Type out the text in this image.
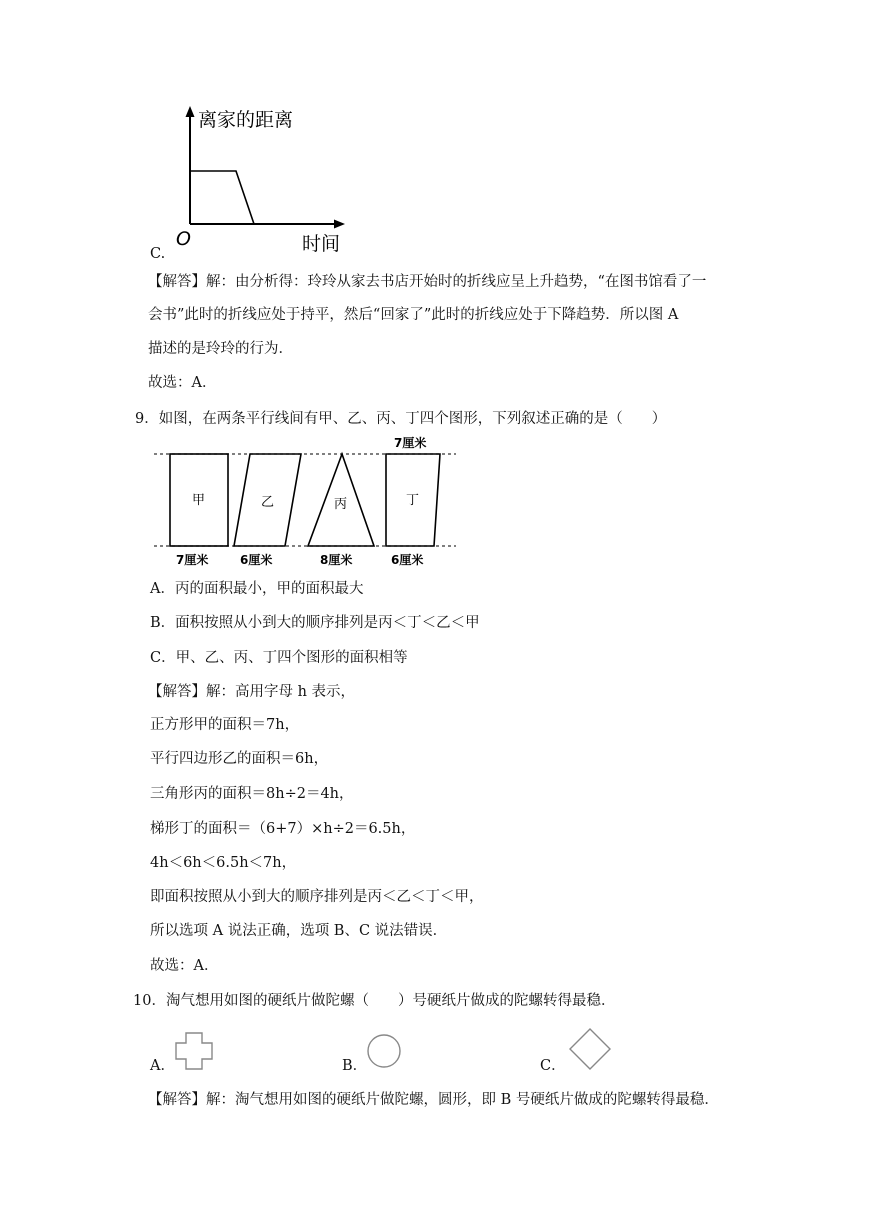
离家的距离
时间
O
C.
【解答】解：由分析得：玲玲从家去书店开始时的折线应呈上升趋势，“在图书馆看了一
会书”此时的折线应处于持平，然后“回家了”此时的折线应处于下降趋势．所以图 A
描述的是玲玲的行为．
故选：A．
9．如图，在两条平行线间有甲、乙、丙、丁四个图形，下列叙述正确的是（　　）
甲	乙	丙	丁
7厘米
7厘米	6厘米	8厘米	6厘米
A．丙的面积最小，甲的面积最大
B．面积按照从小到大的顺序排列是丙＜丁＜乙＜甲
C．甲、乙、丙、丁四个图形的面积相等
【解答】解：高用字母 h 表示，
正方形甲的面积＝7h，
平行四边形乙的面积＝6h，
三角形丙的面积＝8h÷2＝4h，
梯形丁的面积＝（6+7）×h÷2＝6.5h，
4h＜6h＜6.5h＜7h，
即面积按照从小到大的顺序排列是丙＜乙＜丁＜甲，
所以选项 A 说法正确，选项 B、C 说法错误．
故选：A．
10．淘气想用如图的硬纸片做陀螺（　　）号硬纸片做成的陀螺转得最稳．
A．	B．	C．
【解答】解：淘气想用如图的硬纸片做陀螺，圆形，即 B 号硬纸片做成的陀螺转得最稳．
